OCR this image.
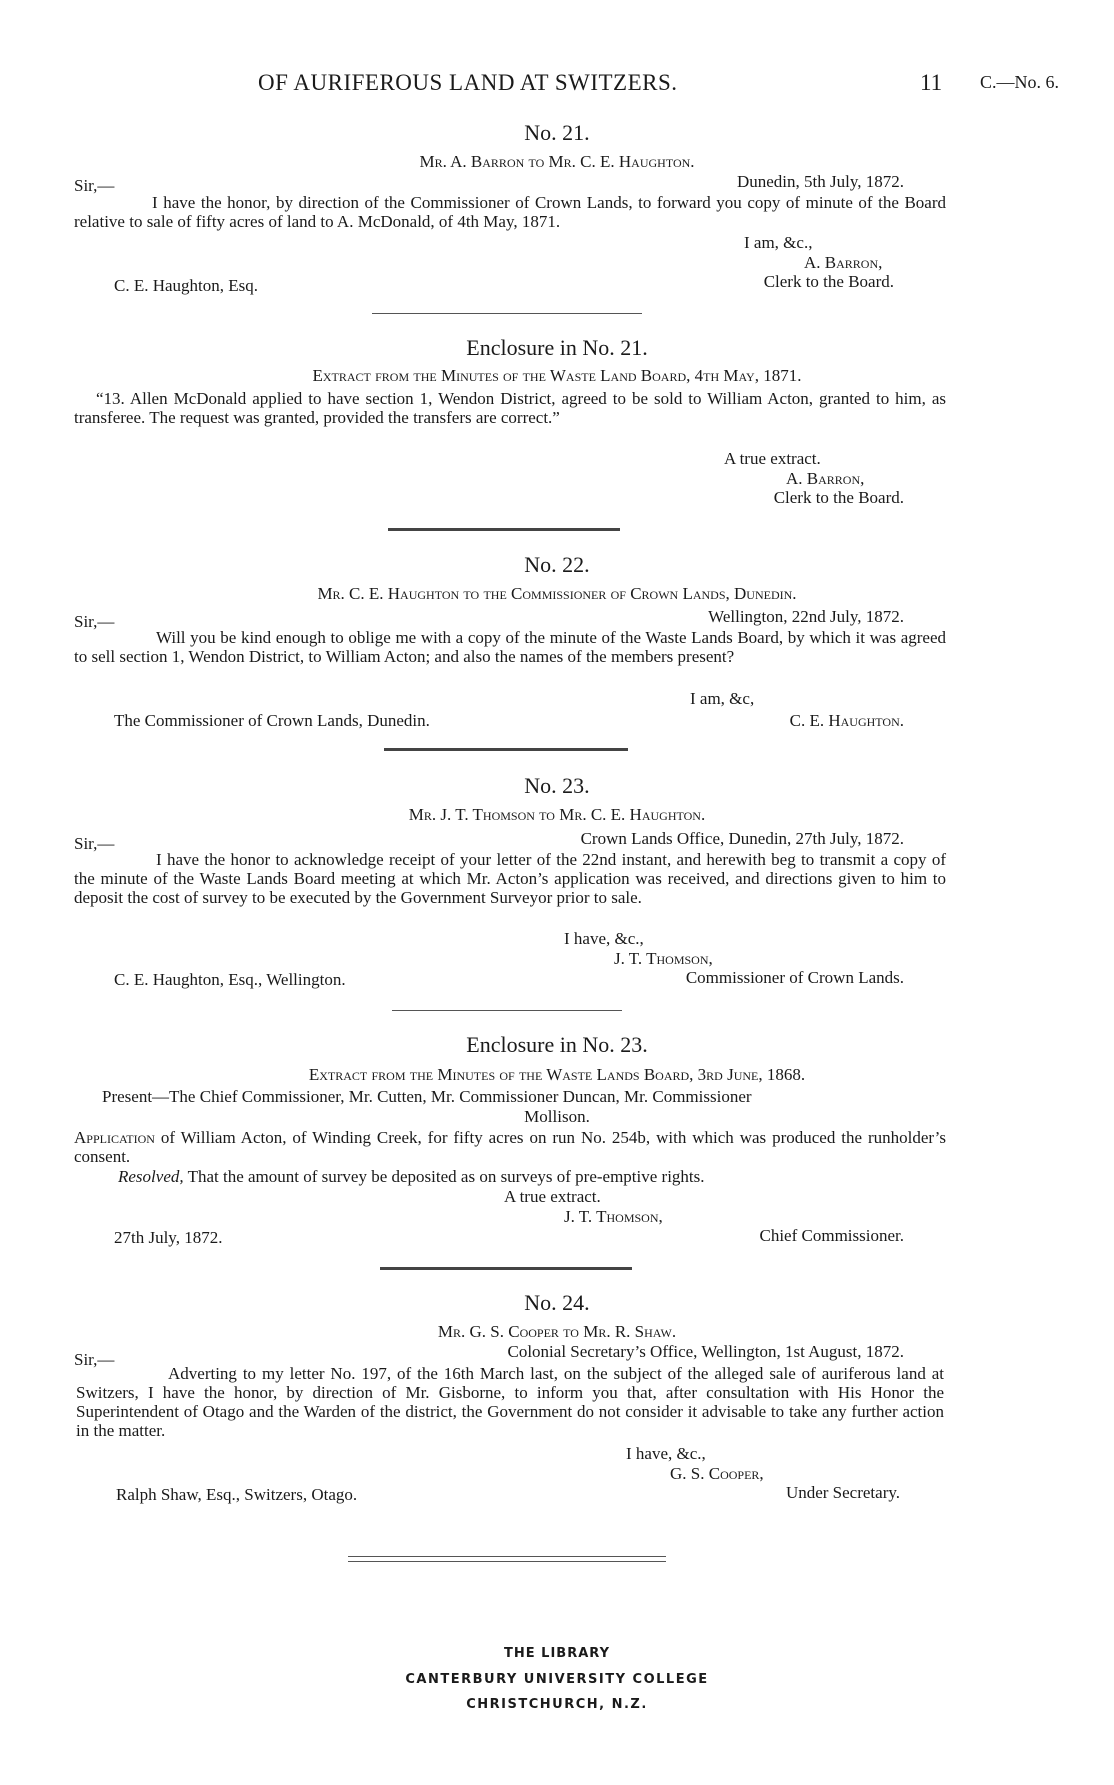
OF AURIFEROUS LAND AT SWITZERS.	11 C.—No. 6.
No. 21.
Mr. A. Barron to Mr. C. E. Haughton.
Sir,—	Dunedin, 5th July, 1872.
I have the honor, by direction of the Commissioner of Crown Lands, to forward you copy of minute of the Board relative to sale of fifty acres of land to A. McDonald, of 4th May, 1871.
I am, &c.,
A. Barron,
Clerk to the Board.
C. E. Haughton, Esq.
Enclosure in No. 21.
Extract from the Minutes of the Waste Land Board, 4th May, 1871.
“13. Allen McDonald applied to have section 1, Wendon District, agreed to be sold to William Acton, granted to him, as transferee. The request was granted, provided the transfers are correct.”
A true extract.
A. Barron,
Clerk to the Board.
No. 22.
Mr. C. E. Haughton to the Commissioner of Crown Lands, Dunedin.
Sir,—	Wellington, 22nd July, 1872.
Will you be kind enough to oblige me with a copy of the minute of the Waste Lands Board, by which it was agreed to sell section 1, Wendon District, to William Acton; and also the names of the members present?
I am, &c,
The Commissioner of Crown Lands, Dunedin.	C. E. Haughton.
No. 23.
Mr. J. T. Thomson to Mr. C. E. Haughton.
Sir,—	Crown Lands Office, Dunedin, 27th July, 1872.
I have the honor to acknowledge receipt of your letter of the 22nd instant, and herewith beg to transmit a copy of the minute of the Waste Lands Board meeting at which Mr. Acton’s application was received, and directions given to him to deposit the cost of survey to be executed by the Government Surveyor prior to sale.
I have, &c.,
J. T. Thomson,
Commissioner of Crown Lands.
C. E. Haughton, Esq., Wellington.
Enclosure in No. 23.
Extract from the Minutes of the Waste Lands Board, 3rd June, 1868.
Present—The Chief Commissioner, Mr. Cutten, Mr. Commissioner Duncan, Mr. Commissioner
Mollison.
Application of William Acton, of Winding Creek, for fifty acres on run No. 254b, with which was produced the runholder’s consent.
Resolved, That the amount of survey be deposited as on surveys of pre-emptive rights.
A true extract.
J. T. Thomson,
Chief Commissioner.
27th July, 1872.
No. 24.
Mr. G. S. Cooper to Mr. R. Shaw.
Sir,—	Colonial Secretary’s Office, Wellington, 1st August, 1872.
Adverting to my letter No. 197, of the 16th March last, on the subject of the alleged sale of auriferous land at Switzers, I have the honor, by direction of Mr. Gisborne, to inform you that, after consultation with His Honor the Superintendent of Otago and the Warden of the district, the Government do not consider it advisable to take any further action in the matter.
I have, &c.,
G. S. Cooper,
Under Secretary.
Ralph Shaw, Esq., Switzers, Otago.
THE LIBRARY
CANTERBURY UNIVERSITY COLLEGE
CHRISTCHURCH, N.Z.
